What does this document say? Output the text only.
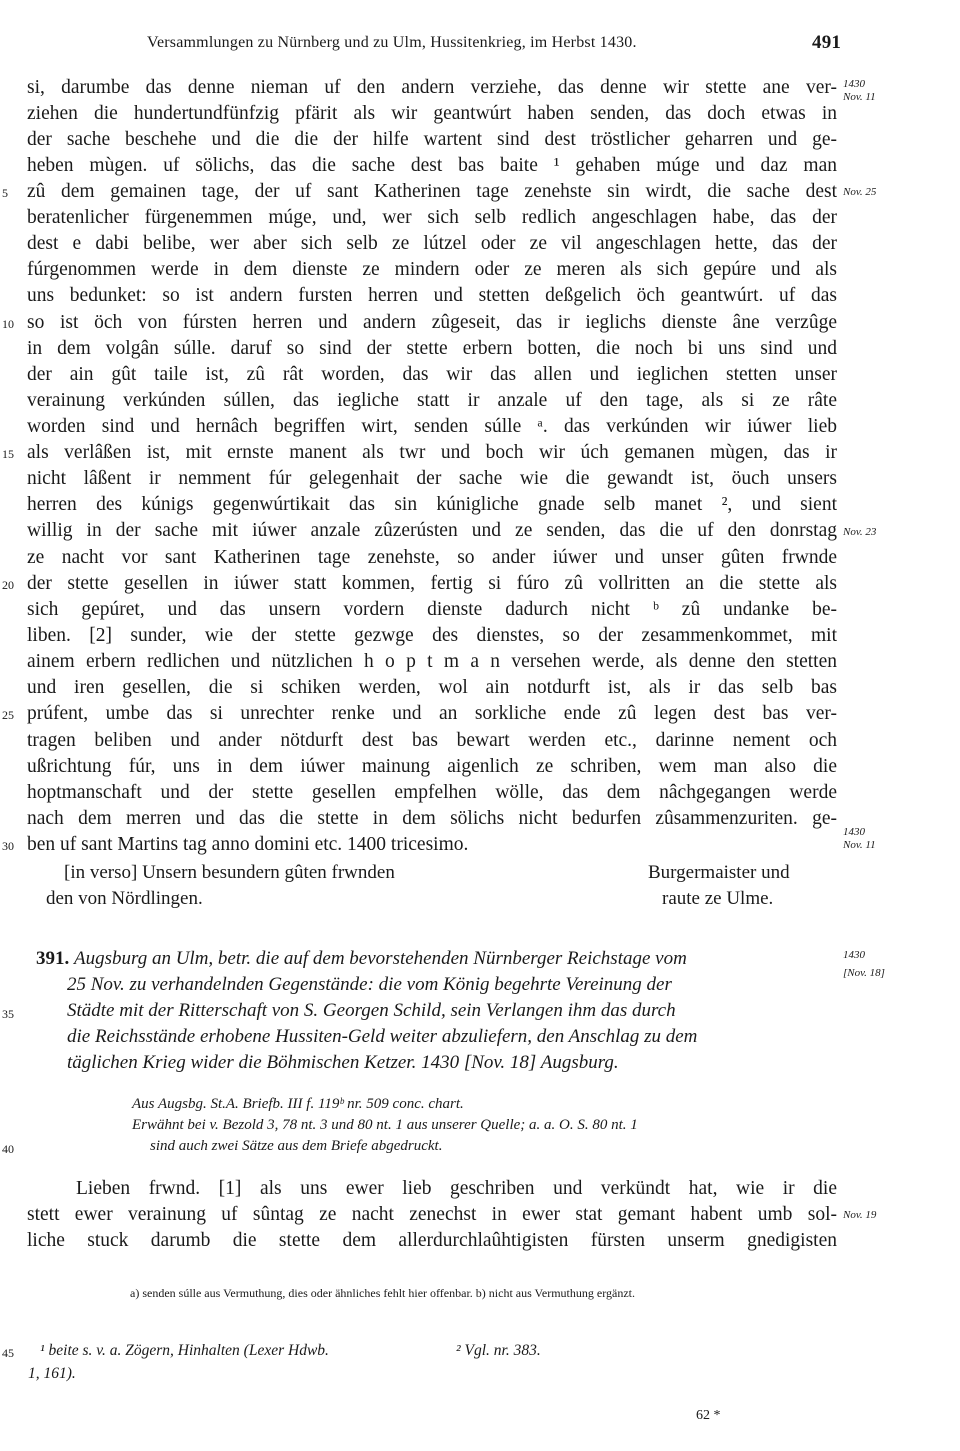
Versammlungen zu Nürnberg und zu Ulm, Hussitenkrieg, im Herbst 1430.	491
si, darumbe das denne nieman uf den andern verziehe, das denne wir stette ane ver-
ziehen die hundertundfünfzig pfärit als wir geantwúrt haben senden, das doch etwas in
der sache beschehe und die die der hilfe wartent sind dest tröstlicher geharren und ge-
heben mùgen. uf sölichs, das die sache dest bas baite ¹ gehaben múge und daz man
zû dem gemainen tage, der uf sant Katherinen tage zenehste sin wirdt, die sache dest
beratenlicher fürgenemmen múge, und, wer sich selb redlich angeschlagen habe, das der
dest e dabi belibe, wer aber sich selb ze lútzel oder ze vil angeschlagen hette, das der
fúrgenommen werde in dem dienste ze mindern oder ze meren als sich gepúre und als
uns bedunket: so ist andern fursten herren und stetten deßgelich öch geantwúrt. uf das
so ist öch von fúrsten herren und andern zûgeseit, das ir ieglichs dienste âne verzûge
in dem volgân súlle. daruf so sind der stette erbern botten, die noch bi uns sind und
der ain gût taile ist, zû rât worden, das wir das allen und ieglichen stetten unser
verainung verkúnden súllen, das iegliche statt ir anzale uf den tage, als si ze râte
worden sind und hernâch begriffen wirt, senden súlle ᵃ. das verkúnden wir iúwer lieb
als verlâßen ist, mit ernste manent als twr und boch wir úch gemanen mùgen, das ir
nicht lâßent ir nemment fúr gelegenhait der sache wie die gewandt ist, öuch unsers
herren des kúnigs gegenwúrtikait das sin kúnigliche gnade selb manet ², und sient
willig in der sache mit iúwer anzale zûzerústen und ze senden, das die uf den donrstag
ze nacht vor sant Katherinen tage zenehste, so ander iúwer und unser gûten frwnde
der stette gesellen in iúwer statt kommen, fertig si fúro zû vollritten an die stette als
sich gepúret, und das unsern vordern dienste dadurch nicht ᵇ zû undanke be-
liben. [2] sunder, wie der stette gezwge des dienstes, so der zesammenkommet, mit
ainem erbern redlichen und nützlichen h o p t m a n versehen werde, als denne den stetten
und iren gesellen, die si schiken werden, wol ain notdurft ist, als ir das selb bas
prúfent, umbe das si unrechter renke und an sorkliche ende zû legen dest bas ver-
tragen beliben und ander nötdurft dest bas bewart werden etc., darinne nement och
ußrichtung fúr, uns in dem iúwer mainung aigenlich ze schriben, wem man also die
hoptmanschaft und der stette gesellen empfelhen wölle, das dem nâchgegangen werde
nach dem merren und das die stette in dem sölichs nicht bedurfen zûsammenzuriten. ge-
ben uf sant Martins tag anno domini etc. 1400 tricesimo.
5
10
15
20
25
30
1430
Nov. 11
Nov. 25
Nov. 23
1430
Nov. 11
[in verso] Unsern besundern gûten frwnden
den von Nördlingen.
Burgermaister und
raute ze Ulme.
391. Augsburg an Ulm, betr. die auf dem bevorstehenden Nürnberger Reichstage vom
25 Nov. zu verhandelnden Gegenstände: die vom König begehrte Vereinung der
Städte mit der Ritterschaft von S. Georgen Schild, sein Verlangen ihm das durch
die Reichsstände erhobene Hussiten-Geld weiter abzuliefern, den Anschlag zu dem
täglichen Krieg wider die Böhmischen Ketzer. 1430 [Nov. 18] Augsburg.
35
1430
[Nov. 18]
Aus Augsbg. St.A. Briefb. III f. 119ᵇ nr. 509 conc. chart.
Erwähnt bei v. Bezold 3, 78 nt. 3 und 80 nt. 1 aus unserer Quelle; a. a. O. S. 80 nt. 1
sind auch zwei Sätze aus dem Briefe abgedruckt.
40
Lieben frwnd. [1] als uns ewer lieb geschriben und verkündt hat, wie ir die
stett ewer verainung uf sûntag ze nacht zenechst in ewer stat gemant habent umb sol-
liche stuck darumb die stette dem allerdurchlaûhtigisten fürsten unserm gnedigisten
Nov. 19
a) senden súlle aus Vermuthung, dies oder ähnliches fehlt hier offenbar. b) nicht aus Vermuthung ergänzt.
45	¹ beite s. v. a. Zögern, Hinhalten (Lexer Hdwb.
1, 161).
² Vgl. nr. 383.
62 *
